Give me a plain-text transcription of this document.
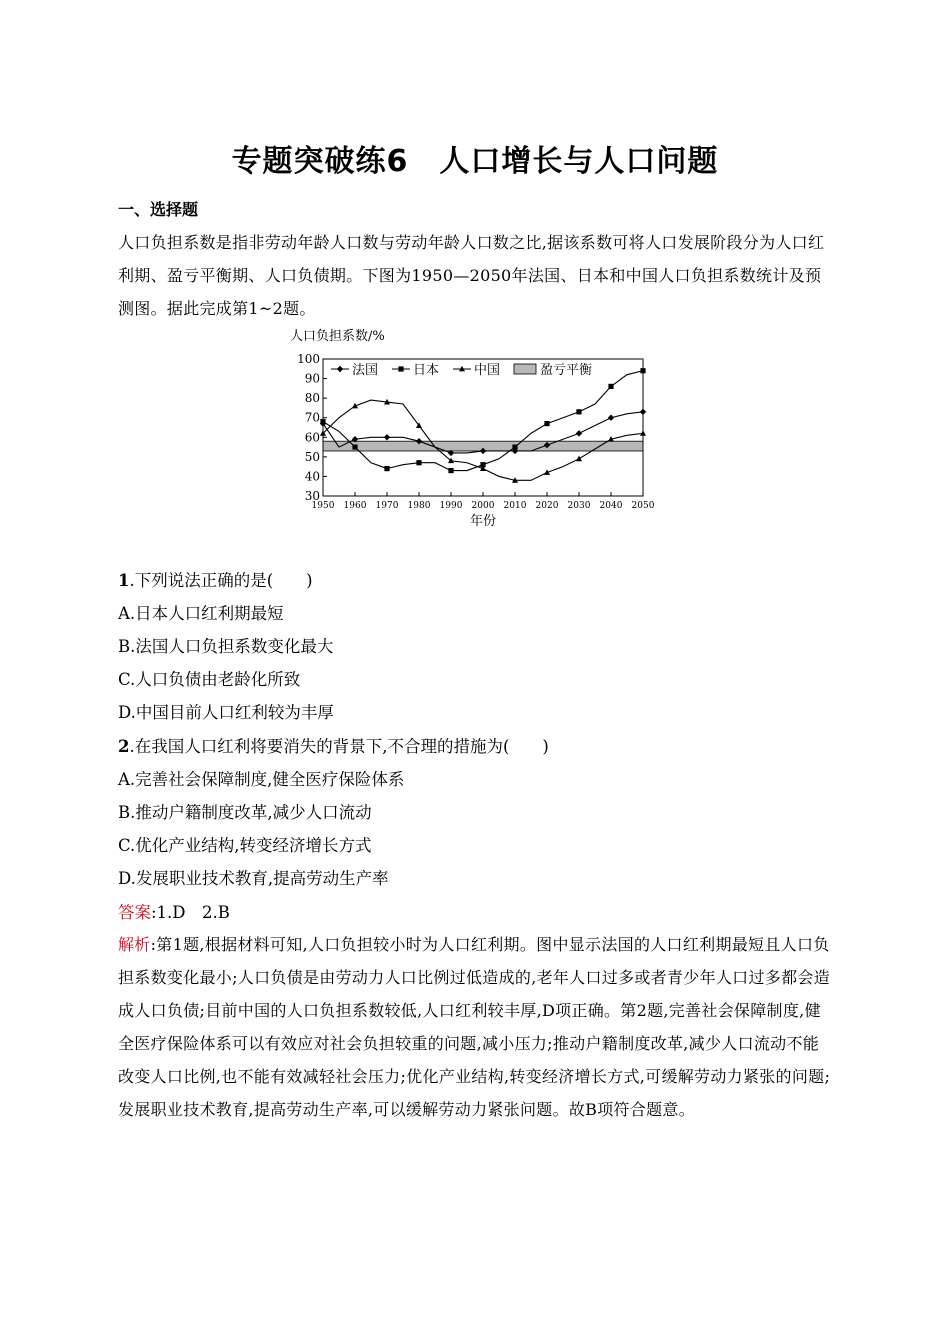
专题突破练6　人口增长与人口问题
一、选择题
人口负担系数是指非劳动年龄人口数与劳动年龄人口数之比,据该系数可将人口发展阶段分为人口红利期、盈亏平衡期、人口负债期。下图为1950—2050年法国、日本和中国人口负担系数统计及预测图。据此完成第1~2题。
人口负担系数/%
30
40
50
60
70
80
90
100
1950 1960 1970 1980 1990 2000 2010 2020 2030 2040 2050
年份
法国	日本	中国	盈亏平衡
1.下列说法正确的是(　　)
A.日本人口红利期最短
B.法国人口负担系数变化最大
C.人口负债由老龄化所致
D.中国目前人口红利较为丰厚
2.在我国人口红利将要消失的背景下,不合理的措施为(　　)
A.完善社会保障制度,健全医疗保险体系
B.推动户籍制度改革,减少人口流动
C.优化产业结构,转变经济增长方式
D.发展职业技术教育,提高劳动生产率
答案:1.D　2.B
解析:第1题,根据材料可知,人口负担较小时为人口红利期。图中显示法国的人口红利期最短且人口负担系数变化最小;人口负债是由劳动力人口比例过低造成的,老年人口过多或者青少年人口过多都会造成人口负债;目前中国的人口负担系数较低,人口红利较丰厚,D项正确。第2题,完善社会保障制度,健全医疗保险体系可以有效应对社会负担较重的问题,减小压力;推动户籍制度改革,减少人口流动不能改变人口比例,也不能有效减轻社会压力;优化产业结构,转变经济增长方式,可缓解劳动力紧张的问题;发展职业技术教育,提高劳动生产率,可以缓解劳动力紧张问题。故B项符合题意。
